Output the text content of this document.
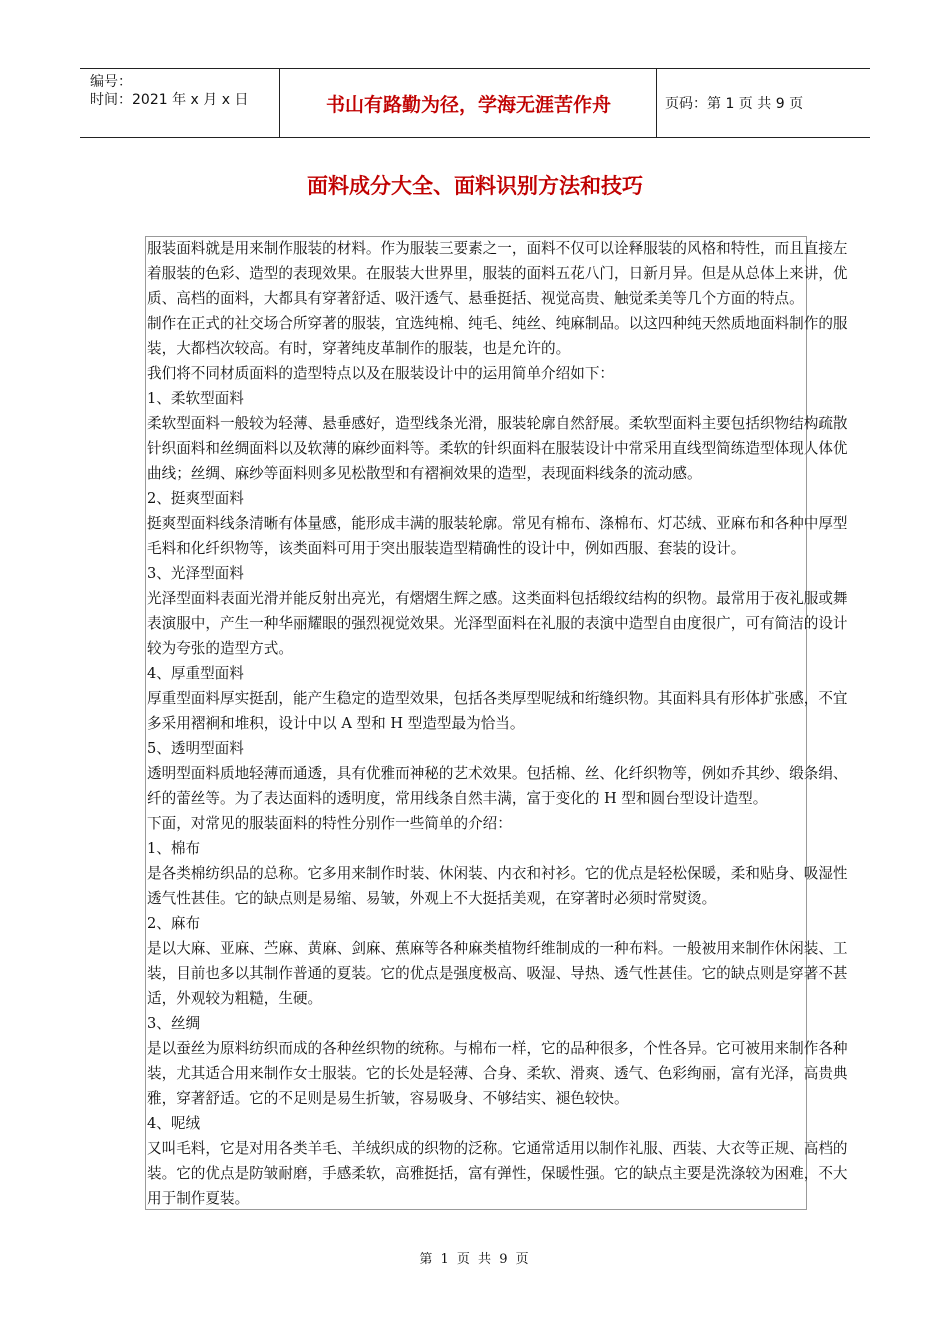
编号：
时间：2021 年 x 月 x 日	书山有路勤为径，学海无涯苦作舟	页码：第 1 页 共 9 页
面料成分大全、面料识别方法和技巧

服装面料就是用来制作服装的材料。作为服装三要素之一，面料不仅可以诠释服装的风格和特性，而且直接左

着服装的色彩、造型的表现效果。在服装大世界里，服装的面料五花八门，日新月异。但是从总体上来讲，优

质、高档的面料，大都具有穿著舒适、吸汗透气、悬垂挺括、视觉高贵、触觉柔美等几个方面的特点。

制作在正式的社交场合所穿著的服装，宜选纯棉、纯毛、纯丝、纯麻制品。以这四种纯天然质地面料制作的服

装，大都档次较高。有时，穿著纯皮革制作的服装，也是允许的。

我们将不同材质面料的造型特点以及在服装设计中的运用简单介绍如下：

1、柔软型面料

柔软型面料一般较为轻薄、悬垂感好，造型线条光滑，服装轮廓自然舒展。柔软型面料主要包括织物结构疏散

针织面料和丝绸面料以及软薄的麻纱面料等。柔软的针织面料在服装设计中常采用直线型简练造型体现人体优

曲线；丝绸、麻纱等面料则多见松散型和有褶裥效果的造型，表现面料线条的流动感。

2、挺爽型面料

挺爽型面料线条清晰有体量感，能形成丰满的服装轮廓。常见有棉布、涤棉布、灯芯绒、亚麻布和各种中厚型

毛料和化纤织物等，该类面料可用于突出服装造型精确性的设计中，例如西服、套装的设计。

3、光泽型面料

光泽型面料表面光滑并能反射出亮光，有熠熠生辉之感。这类面料包括缎纹结构的织物。最常用于夜礼服或舞

表演服中，产生一种华丽耀眼的强烈视觉效果。光泽型面料在礼服的表演中造型自由度很广，可有简洁的设计

较为夸张的造型方式。

4、厚重型面料

厚重型面料厚实挺刮，能产生稳定的造型效果，包括各类厚型呢绒和绗缝织物。其面料具有形体扩张感，不宜

多采用褶裥和堆积，设计中以 A 型和 H 型造型最为恰当。

5、透明型面料

透明型面料质地轻薄而通透，具有优雅而神秘的艺术效果。包括棉、丝、化纤织物等，例如乔其纱、缎条绢、

纤的蕾丝等。为了表达面料的透明度，常用线条自然丰满，富于变化的 H 型和圆台型设计造型。

下面，对常见的服装面料的特性分别作一些简单的介绍：

1、棉布

是各类棉纺织品的总称。它多用来制作时装、休闲装、内衣和衬衫。它的优点是轻松保暖，柔和贴身、吸湿性

透气性甚佳。它的缺点则是易缩、易皱，外观上不大挺括美观，在穿著时必须时常熨烫。

2、麻布

是以大麻、亚麻、苎麻、黄麻、剑麻、蕉麻等各种麻类植物纤维制成的一种布料。一般被用来制作休闲装、工

装，目前也多以其制作普通的夏装。它的优点是强度极高、吸湿、导热、透气性甚佳。它的缺点则是穿著不甚

适，外观较为粗糙，生硬。

3、丝绸

是以蚕丝为原料纺织而成的各种丝织物的统称。与棉布一样，它的品种很多，个性各异。它可被用来制作各种

装，尤其适合用来制作女士服装。它的长处是轻薄、合身、柔软、滑爽、透气、色彩绚丽，富有光泽，高贵典

雅，穿著舒适。它的不足则是易生折皱，容易吸身、不够结实、褪色较快。

4、呢绒

又叫毛料，它是对用各类羊毛、羊绒织成的织物的泛称。它通常适用以制作礼服、西装、大衣等正规、高档的

装。它的优点是防皱耐磨，手感柔软，高雅挺括，富有弹性，保暖性强。它的缺点主要是洗涤较为困难，不大

用于制作夏装。

第 1 页 共 9 页
